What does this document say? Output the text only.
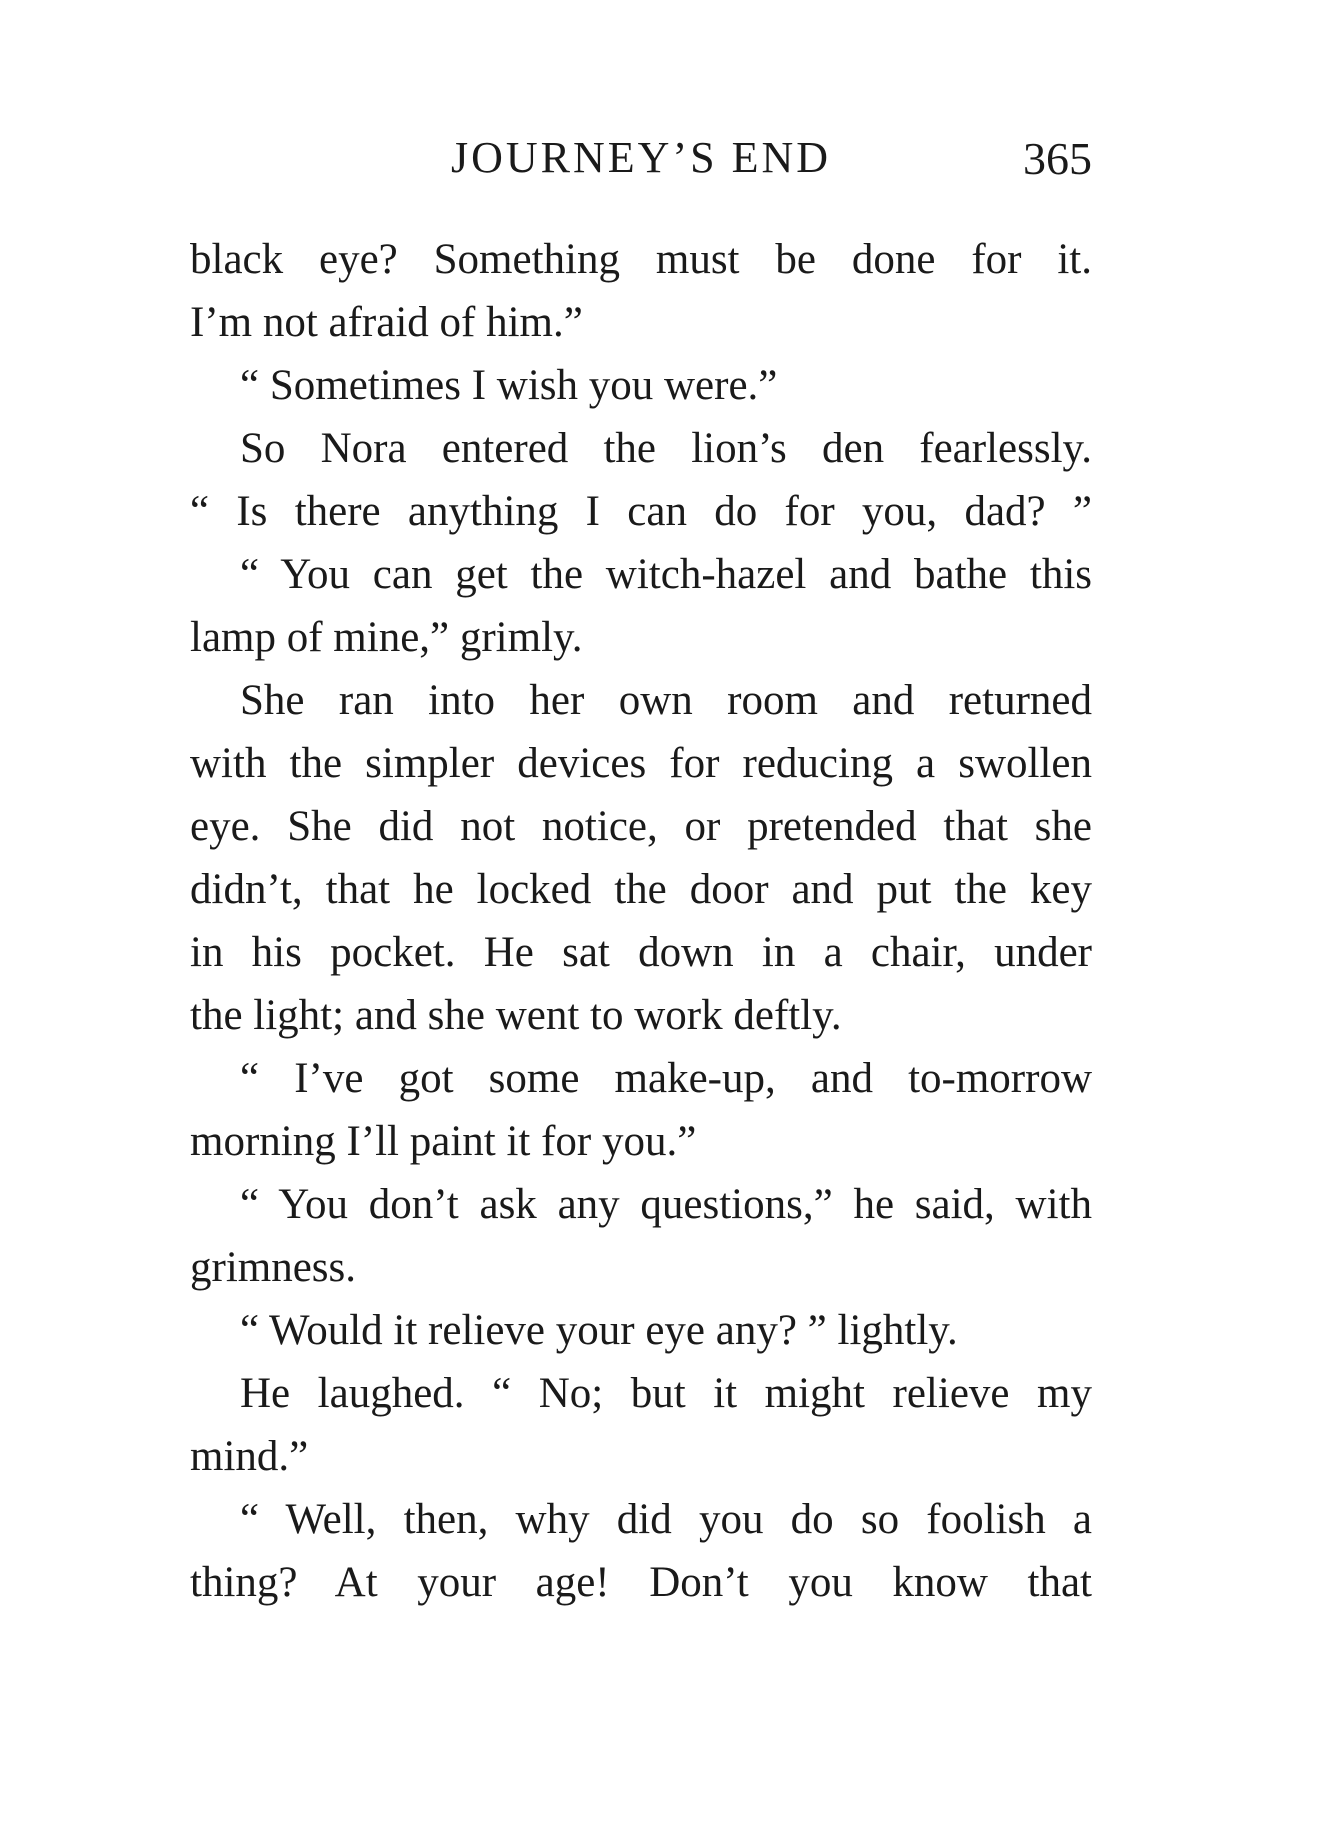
JOURNEY’S END	365
black eye? Something must be done for it.
I’m not afraid of him.”
“ Sometimes I wish you were.”
So Nora entered the lion’s den fearlessly.
“ Is there anything I can do for you, dad? ”
“ You can get the witch-hazel and bathe this
lamp of mine,” grimly.
She ran into her own room and returned
with the simpler devices for reducing a swollen
eye. She did not notice, or pretended that she
didn’t, that he locked the door and put the key
in his pocket. He sat down in a chair, under
the light; and she went to work deftly.
“ I’ve got some make-up, and to-morrow
morning I’ll paint it for you.”
“ You don’t ask any questions,” he said, with
grimness.
“ Would it relieve your eye any? ” lightly.
He laughed. “ No; but it might relieve my
mind.”
“ Well, then, why did you do so foolish a
thing? At your age! Don’t you know that
